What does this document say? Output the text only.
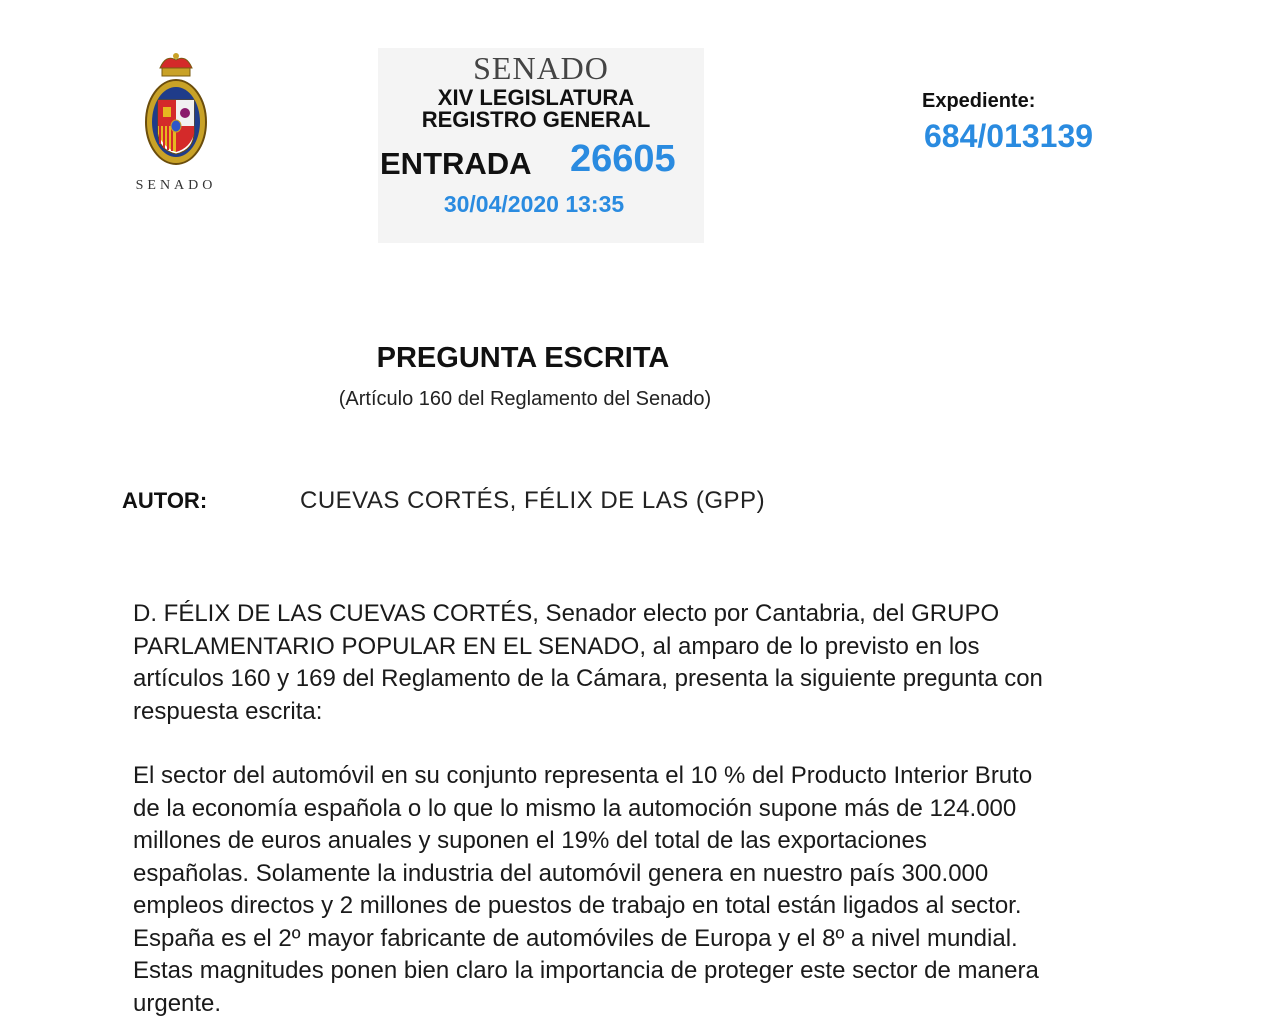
SENADO
SENADO
XIV LEGISLATURA
REGISTRO GENERAL
ENTRADA 26605
30/04/2020 13:35
Expediente:
684/013139
PREGUNTA ESCRITA
(Artículo 160 del Reglamento del Senado)
AUTOR:	CUEVAS CORTÉS, FÉLIX DE LAS (GPP)
D. FÉLIX DE LAS CUEVAS CORTÉS, Senador electo por Cantabria, del GRUPO
PARLAMENTARIO POPULAR EN EL SENADO, al amparo de lo previsto en los
artículos 160 y 169 del Reglamento de la Cámara, presenta la siguiente pregunta con
respuesta escrita:
El sector del automóvil en su conjunto representa el 10 % del Producto Interior Bruto
de la economía española o lo que lo mismo la automoción supone más de 124.000
millones de euros anuales y suponen el 19% del total de las exportaciones
españolas. Solamente la industria del automóvil genera en nuestro país 300.000
empleos directos y 2 millones de puestos de trabajo en total están ligados al sector.
España es el 2º mayor fabricante de automóviles de Europa y el 8º a nivel mundial.
Estas magnitudes ponen bien claro la importancia de proteger este sector de manera
urgente.
